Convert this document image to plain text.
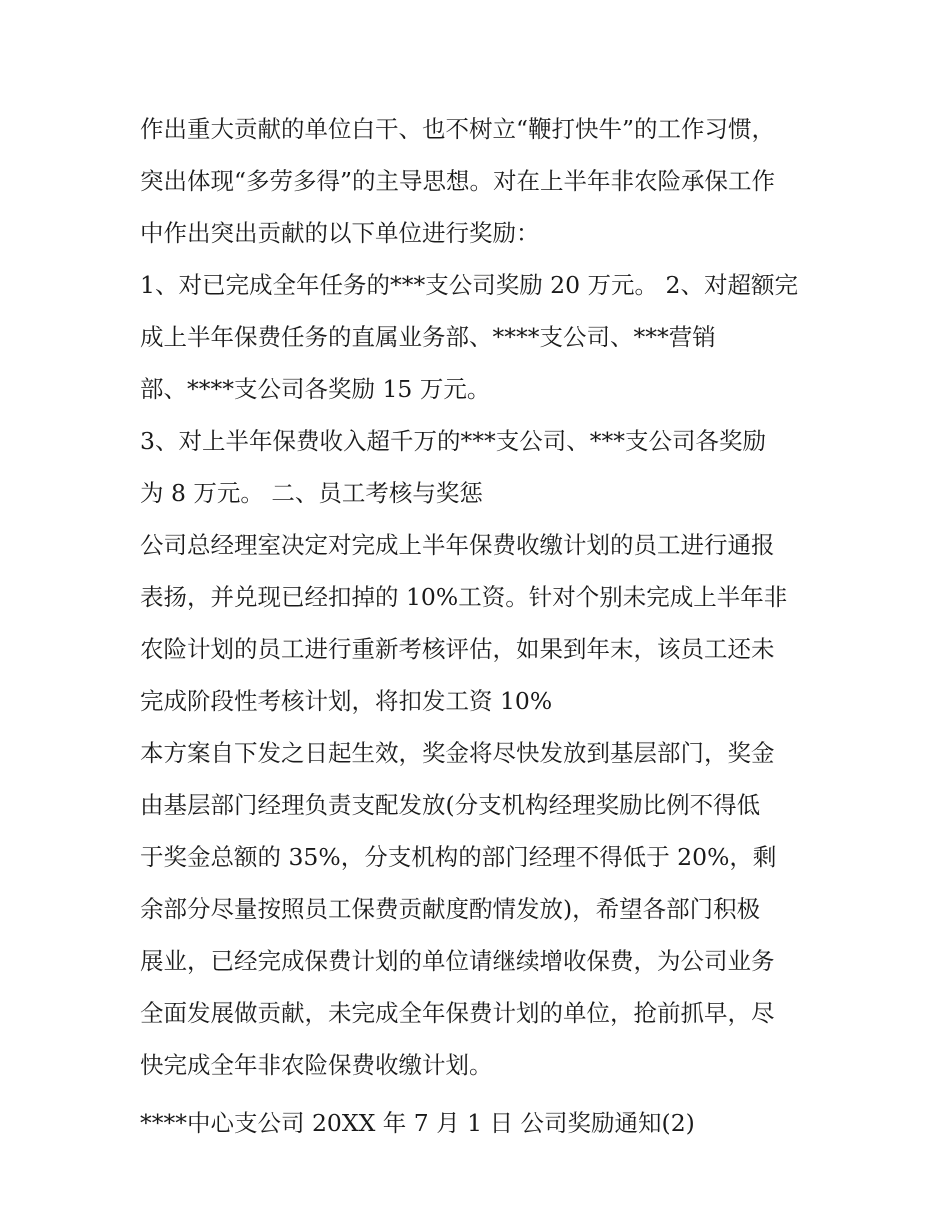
作出重大贡献的单位白干、也不树立“鞭打快牛”的工作习惯，
突出体现“多劳多得”的主导思想。对在上半年非农险承保工作
中作出突出贡献的以下单位进行奖励：
1、对已完成全年任务的***支公司奖励 20 万元。 2、对超额完
成上半年保费任务的直属业务部、****支公司、***营销
部、****支公司各奖励 15 万元。
3、对上半年保费收入超千万的***支公司、***支公司各奖励
为 8 万元。 二、员工考核与奖惩
公司总经理室决定对完成上半年保费收缴计划的员工进行通报
表扬，并兑现已经扣掉的 10%工资。针对个别未完成上半年非
农险计划的员工进行重新考核评估，如果到年末，该员工还未
完成阶段性考核计划，将扣发工资 10%
本方案自下发之日起生效，奖金将尽快发放到基层部门，奖金
由基层部门经理负责支配发放(分支机构经理奖励比例不得低
于奖金总额的 35%，分支机构的部门经理不得低于 20%，剩
余部分尽量按照员工保费贡献度酌情发放)，希望各部门积极
展业，已经完成保费计划的单位请继续增收保费，为公司业务
全面发展做贡献，未完成全年保费计划的单位，抢前抓早，尽
快完成全年非农险保费收缴计划。
****中心支公司 20XX 年 7 月 1 日 公司奖励通知(2)
